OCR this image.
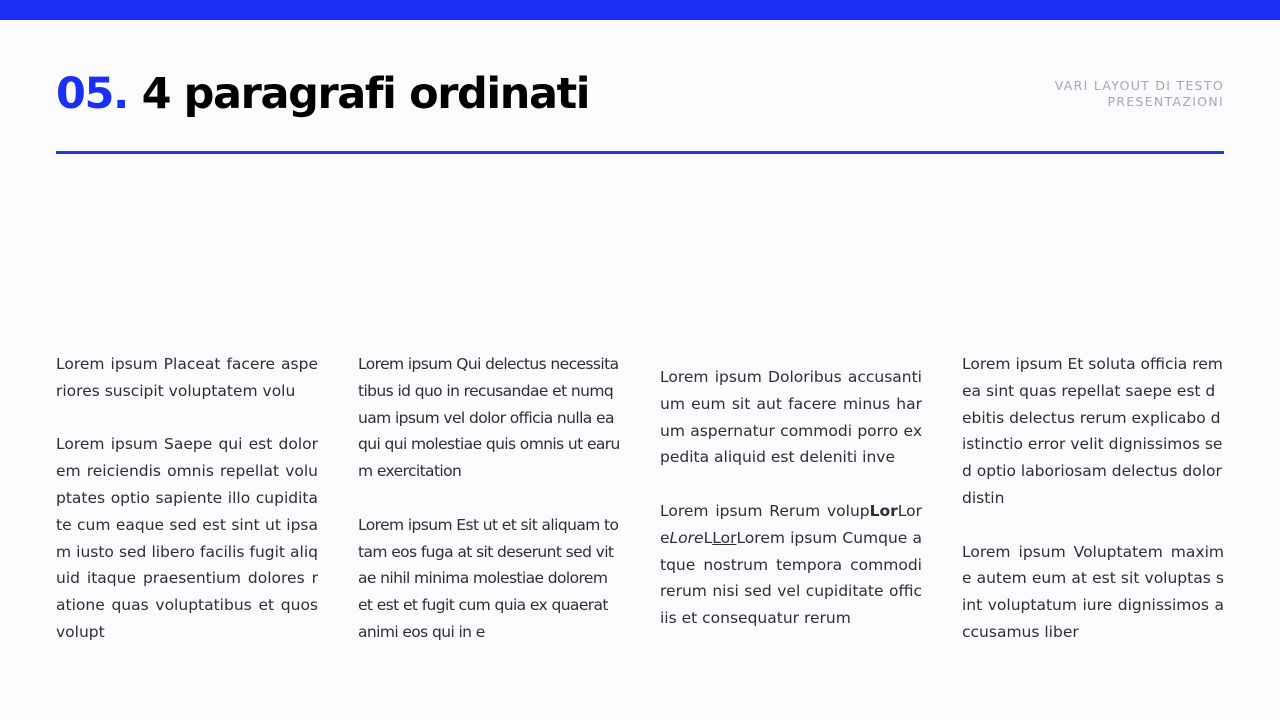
05. 4 paragrafi ordinati	VARI LAYOUT DI TESTO
PRESENTAZIONI

Lorem ipsum Placeat facere asperiores suscipit voluptatem volu

Lorem ipsum Saepe qui est dolorem reiciendis omnis repellat voluptates optio sapiente illo cupiditate cum eaque sed est sint ut ipsam iusto sed libero facilis fugit aliquid itaque praesentium dolores ratione quas voluptatibus et quos volupt

Lorem ipsum Qui delectus necessitatibus id quo in recusandae et numquam ipsum vel dolor officia nulla ea qui qui molestiae quis omnis ut earum exercitation

Lorem ipsum Est ut et sit aliquam totam eos fuga at sit deserunt sed vitae nihil minima molestiae dolorem et est et fugit cum quia ex quaerat animi eos qui in e

Lorem ipsum Doloribus accusantium eum sit aut facere minus harum aspernatur commodi porro expedita aliquid est deleniti inve

Lorem ipsum Rerum volupLorLoreLoreLLorLorem ipsum Cumque atque nostrum tempora commodi rerum nisi sed vel cupiditate officiis et consequatur rerum

Lorem ipsum Et soluta officia rem ea sint quas repellat saepe est debitis delectus rerum explicabo distinctio error velit dignissimos sed optio laboriosam delectus dolor distin

Lorem ipsum Voluptatem maxime autem eum at est sit voluptas sint voluptatum iure dignissimos accusamus liber
